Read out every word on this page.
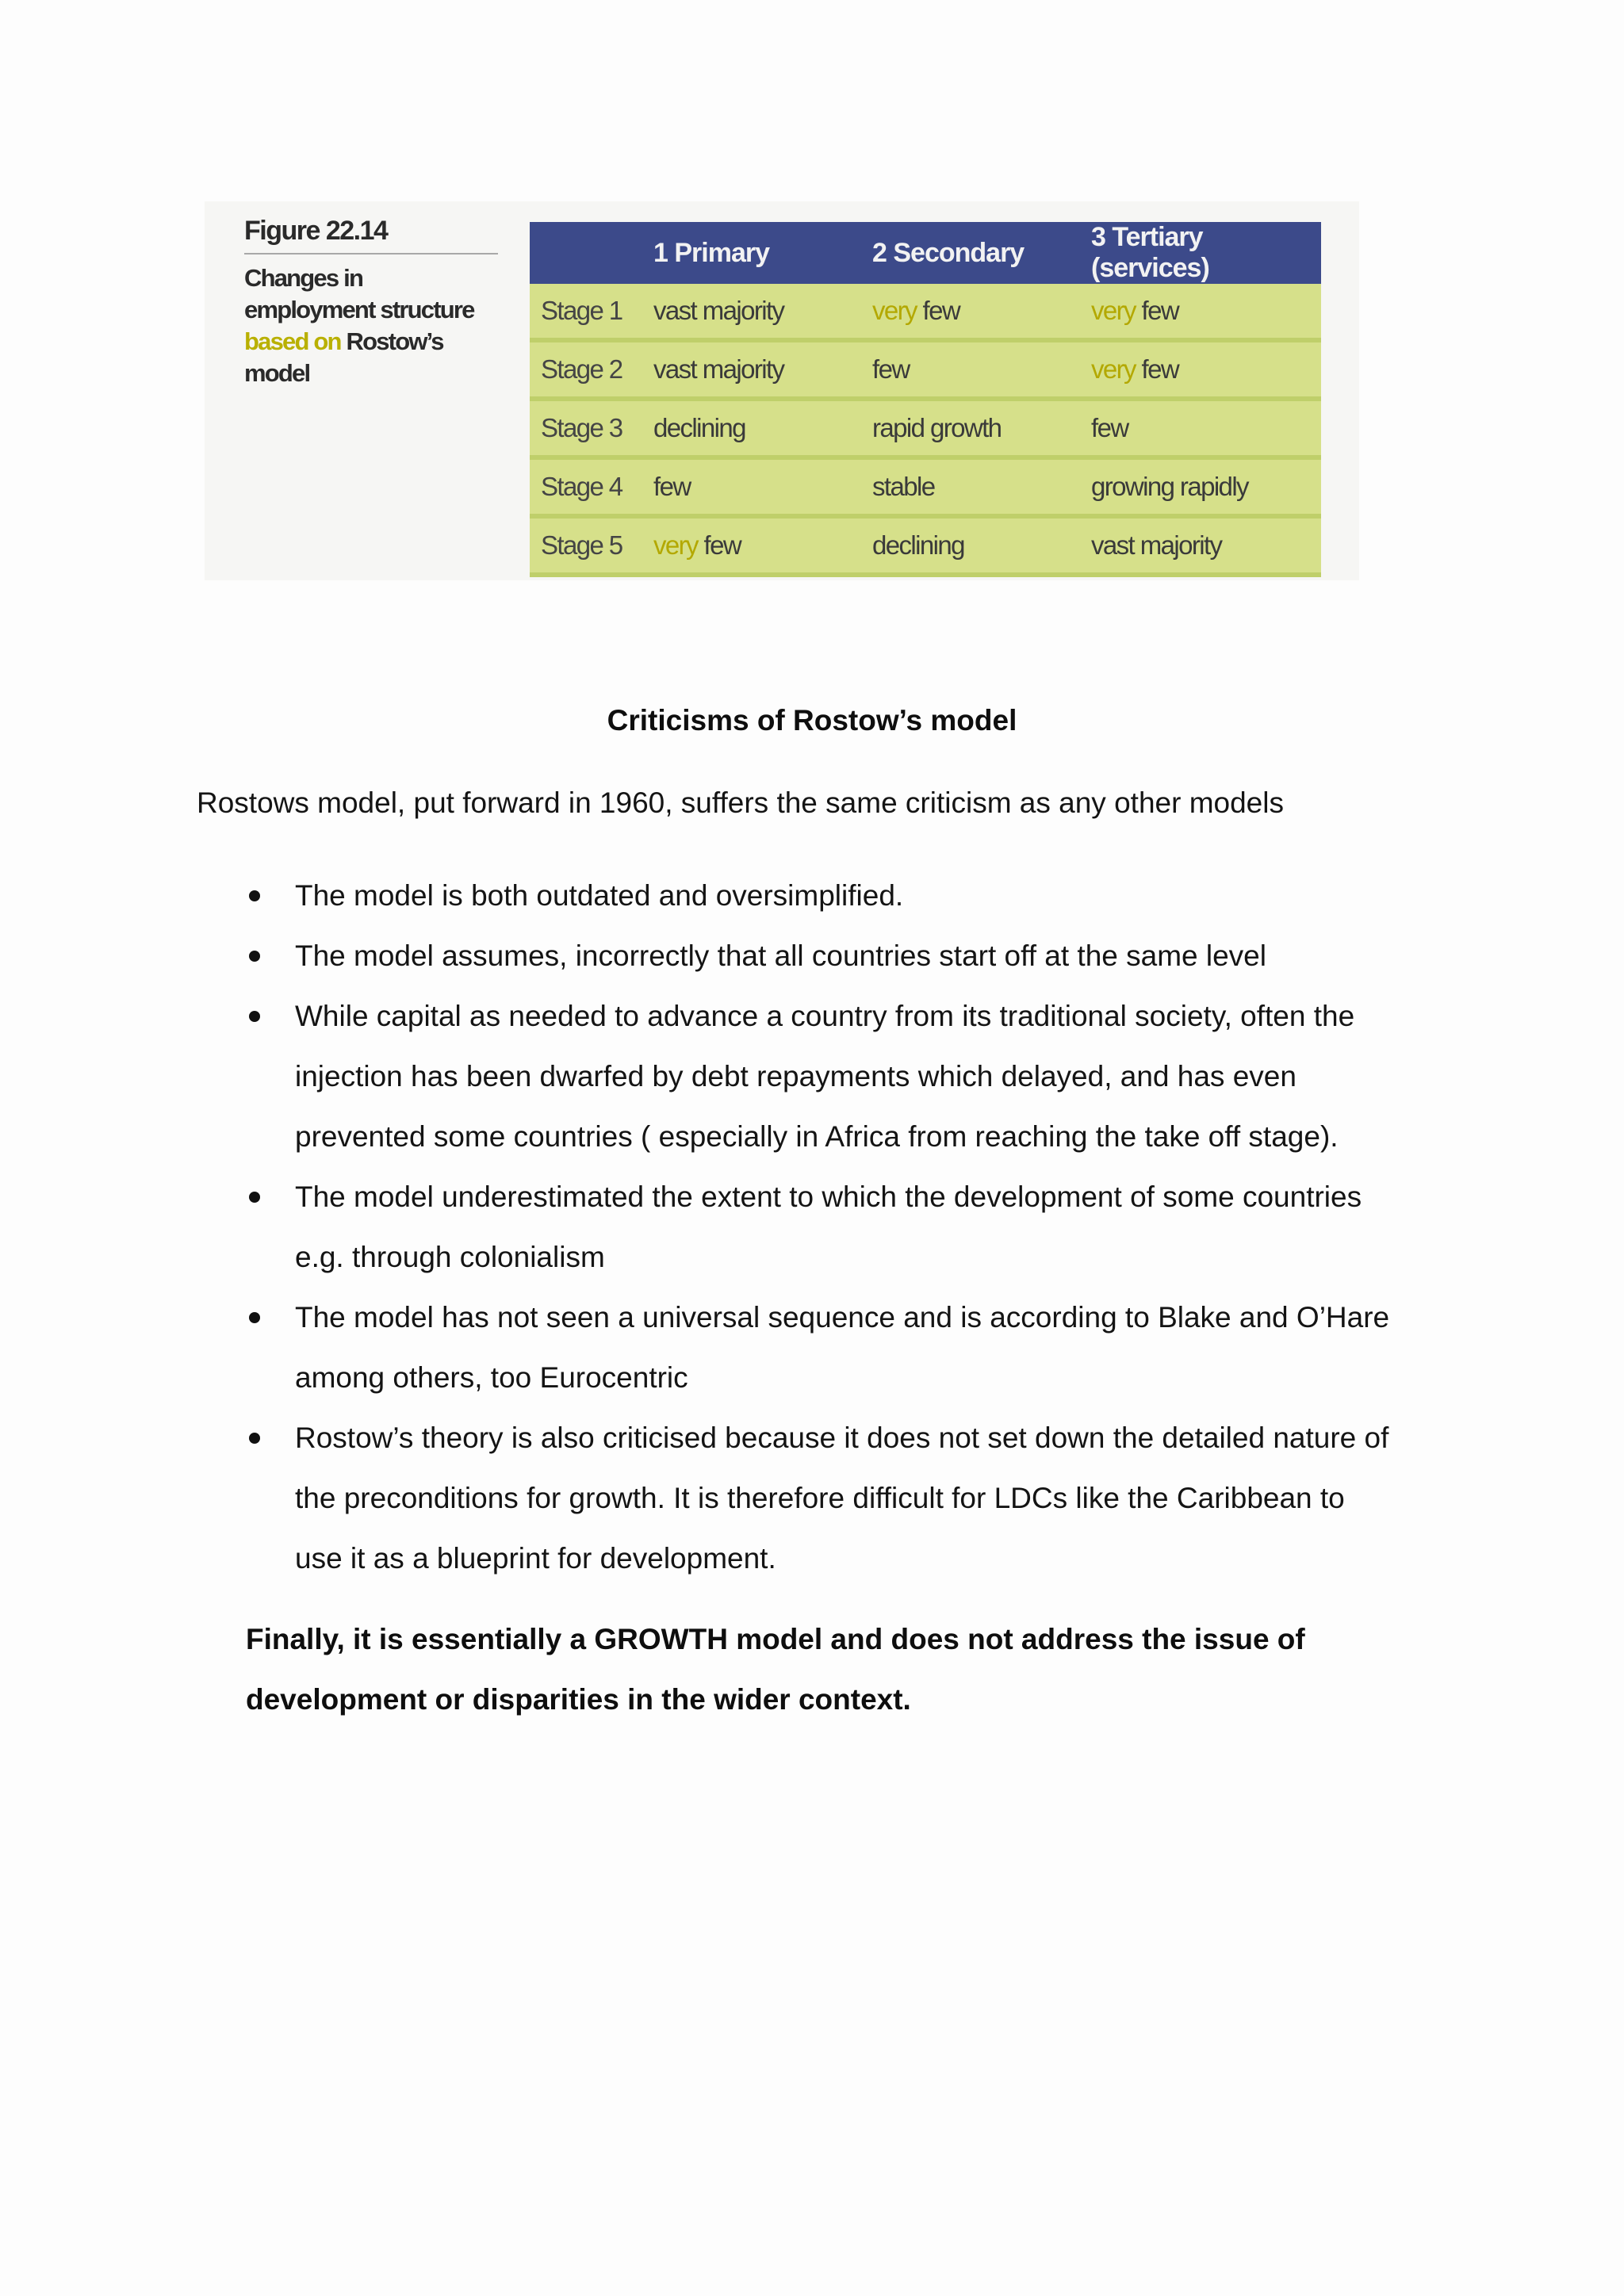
Figure 22.14
Changes in employment structure based on Rostow’s model
	1 Primary	2 Secondary	3 Tertiary (services)
Stage 1	vast majority	very few	very few
Stage 2	vast majority	few	very few
Stage 3	declining	rapid growth	few
Stage 4	few	stable	growing rapidly
Stage 5	very few	declining	vast majority
Criticisms of Rostow’s model
Rostows model, put forward in 1960, suffers the same criticism as any other models
The model is both outdated and oversimplified.
The model assumes, incorrectly that all countries start off at the same level
While capital as needed to advance a country from its traditional society, often the
injection has been dwarfed by debt repayments which delayed, and has even
prevented some countries ( especially in Africa from reaching the take off stage).
The model underestimated the extent to which the development of some countries
e.g. through colonialism
The model has not seen a universal sequence and is according to Blake and O’Hare
among others, too Eurocentric
Rostow’s theory is also criticised because it does not set down the detailed nature of
the preconditions for growth. It is therefore difficult for LDCs like the Caribbean to
use it as a blueprint for development.
Finally, it is essentially a GROWTH model and does not address the issue of
development or disparities in the wider context.
